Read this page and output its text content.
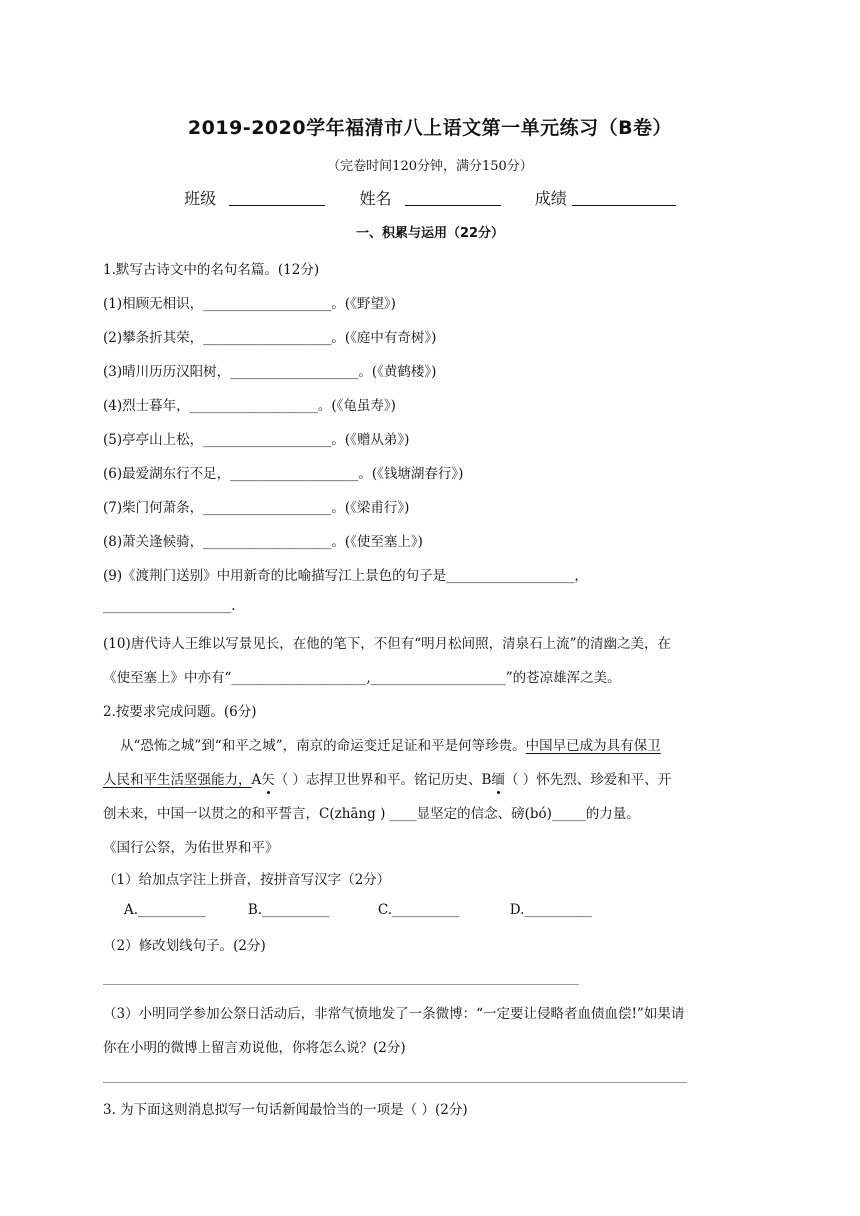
2019-2020学年福清市八上语文第一单元练习（B卷）
（完卷时间120分钟，满分150分）
班级	姓名	成绩
一、积累与运用（22分）
1.默写古诗文中的名句名篇。(12分)
(1)相顾无相识，___________________。(《野望》)
(2)攀条折其荣，___________________。(《庭中有奇树》)
(3)晴川历历汉阳树，___________________。(《黄鹤楼》)
(4)烈士暮年，___________________。(《龟虽寿》)
(5)亭亭山上松，___________________。(《赠从弟》)
(6)最爱湖东行不足，___________________。(《钱塘湖春行》)
(7)柴门何萧条，___________________。(《梁甫行》)
(8)萧关逢候骑，___________________。(《使至塞上》)
(9)《渡荆门送别》中用新奇的比喻描写江上景色的句子是___________________，
___________________.
(10)唐代诗人王维以写景见长，在他的笔下，不但有“明月松间照，清泉石上流”的清幽之美，在
《使至塞上》中亦有“____________________,____________________”的苍凉雄浑之美。
2.按要求完成问题。(6分)
从“恐怖之城”到“和平之城”，南京的命运变迁足证和平是何等珍贵。中国早已成为具有保卫
人民和平生活坚强能力，A矢（ ）志捍卫世界和平。铭记历史、B缅（ ）怀先烈、珍爱和平、开
创未来，中国一以贯之的和平誓言，C(zhāng ) ____显坚定的信念、磅(bó)_____的力量。
《国行公祭，为佑世界和平》
（1）给加点字注上拼音，按拼音写汉字（2分）
A.__________	B.__________	C.__________	D.__________
（2）修改划线句子。(2分)
（3）小明同学参加公祭日活动后，非常气愤地发了一条微博：“一定要让侵略者血债血偿!”如果请
你在小明的微博上留言劝说他，你将怎么说？(2分)
3. 为下面这则消息拟写一句话新闻最恰当的一项是（ ）(2分)
